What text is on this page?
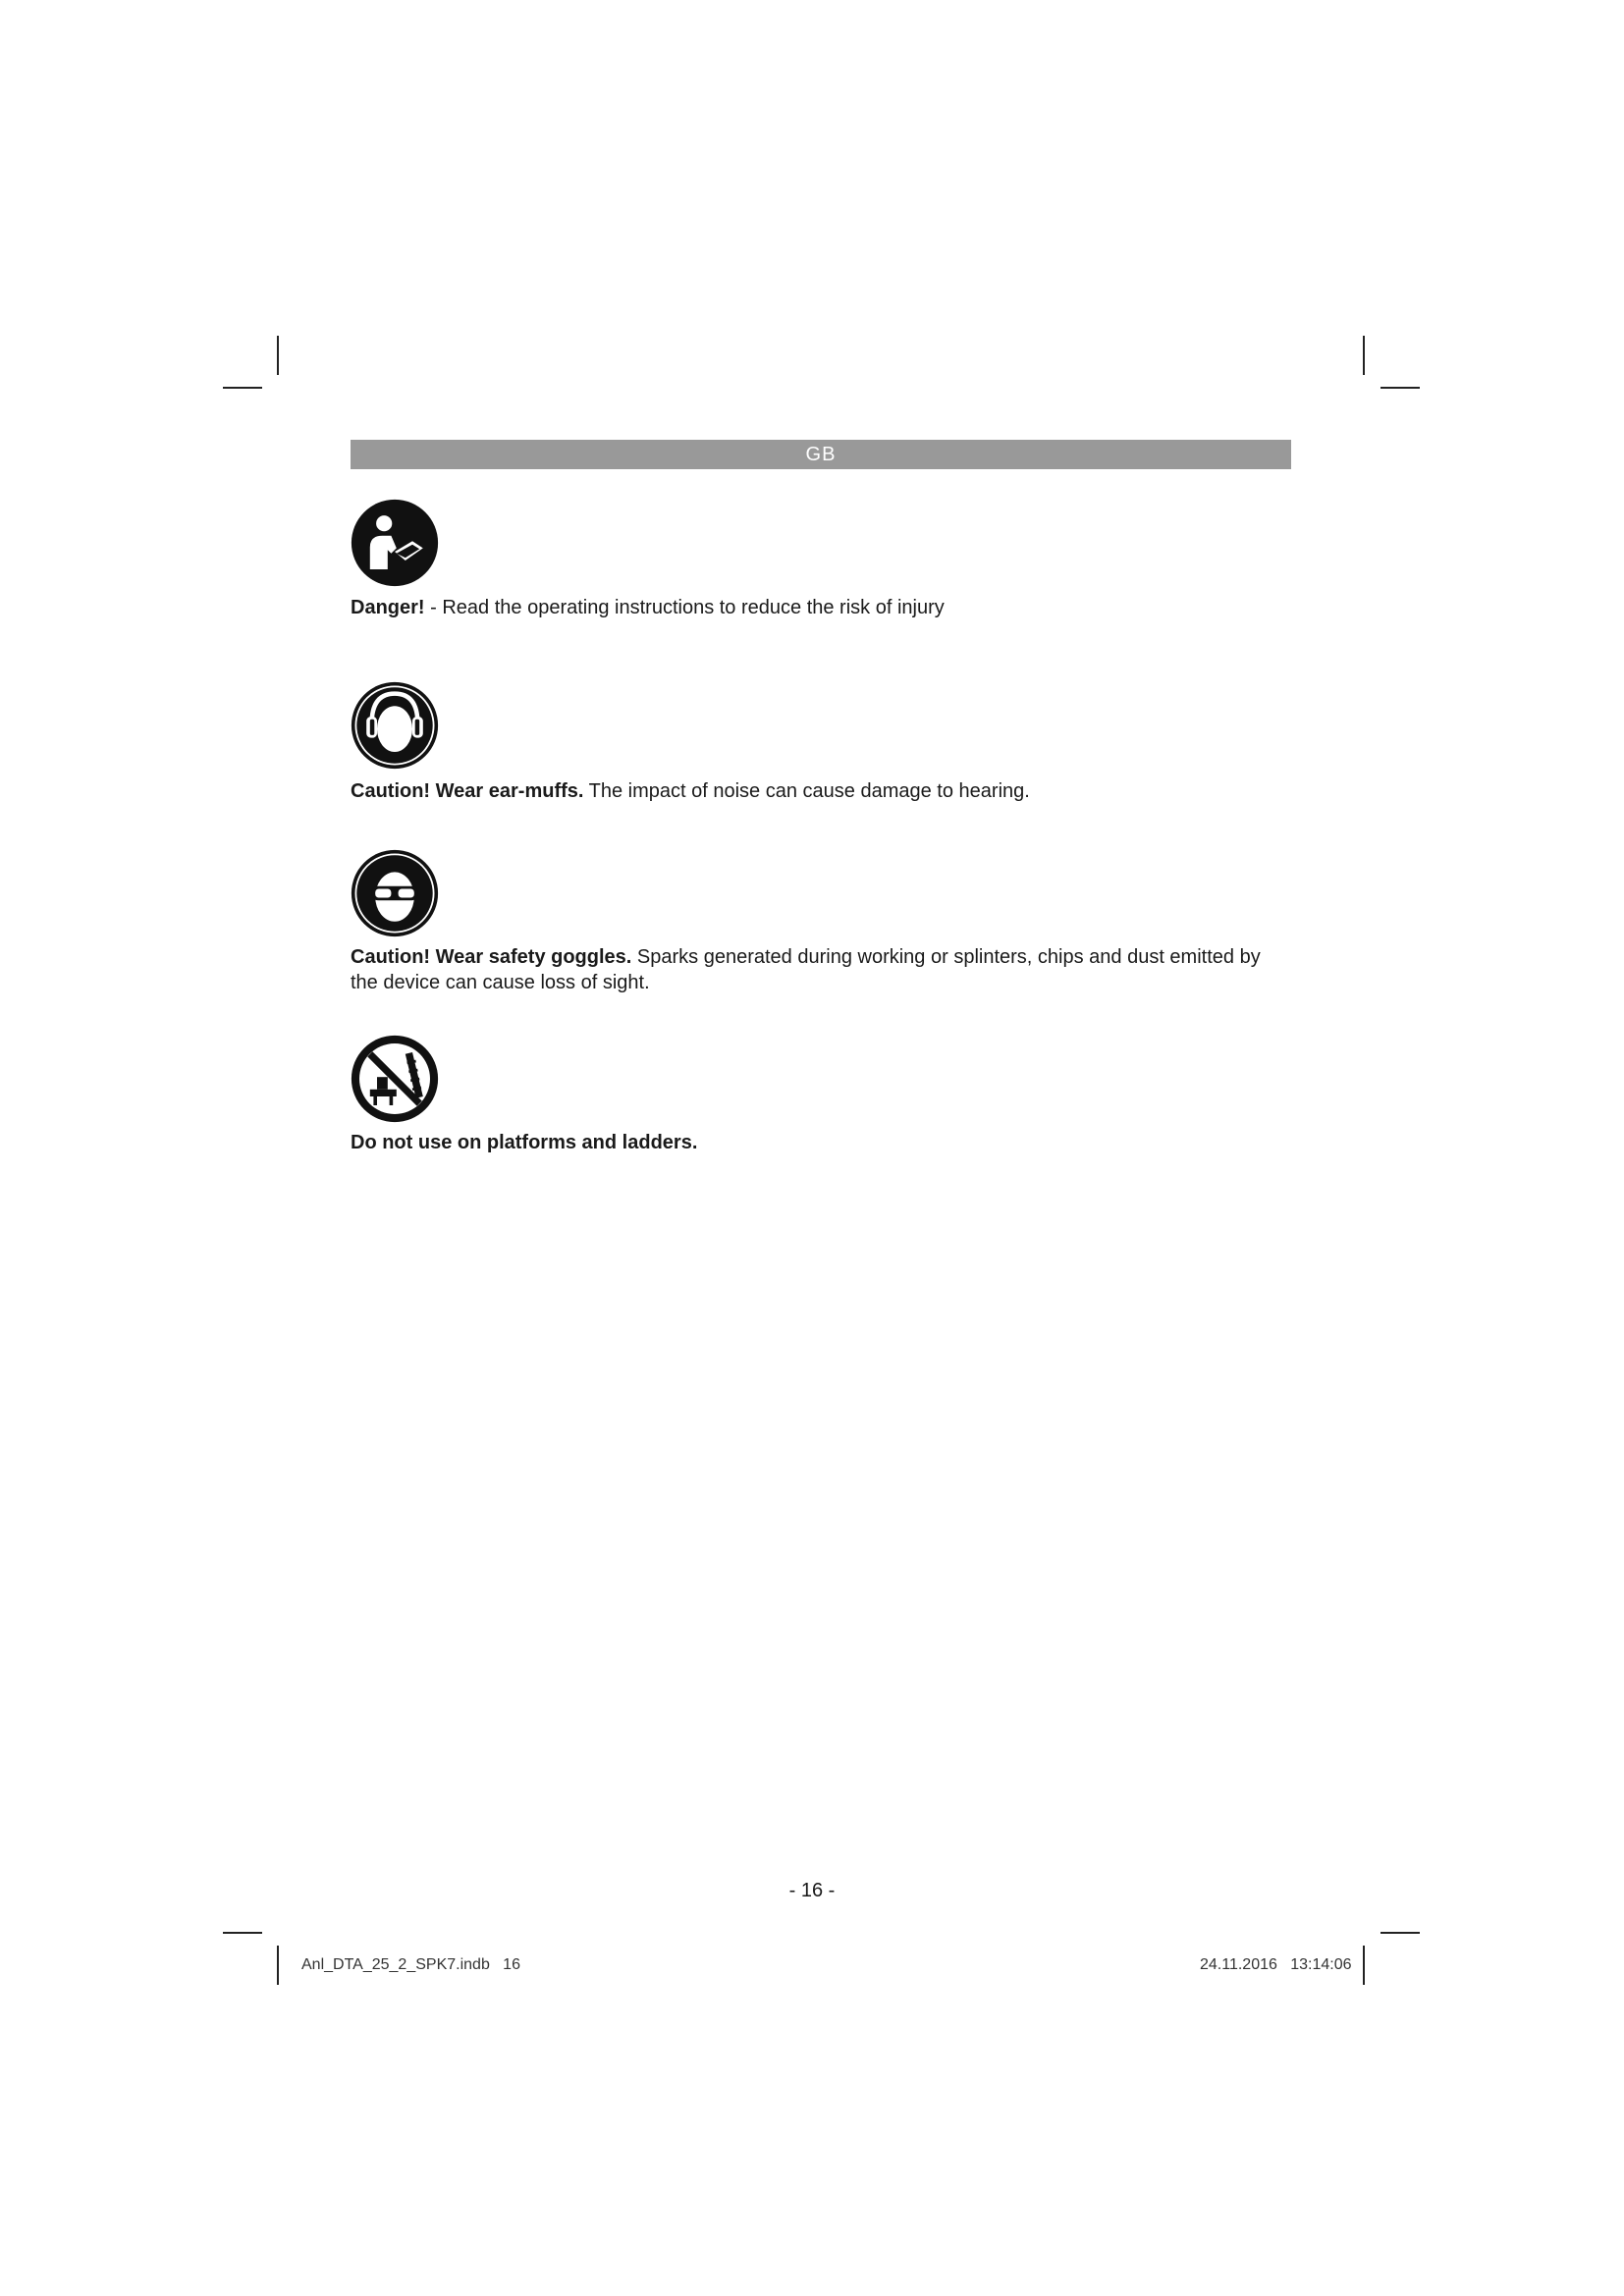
GB
Danger! - Read the operating instructions to reduce the risk of injury
Caution! Wear ear-muffs. The impact of noise can cause damage to hearing.
Caution! Wear safety goggles. Sparks generated during working or splinters, chips and dust emitted by the device can cause loss of sight.
Do not use on platforms and ladders.
- 16 -
Anl_DTA_25_2_SPK7.indb   16	24.11.2016   13:14:06
